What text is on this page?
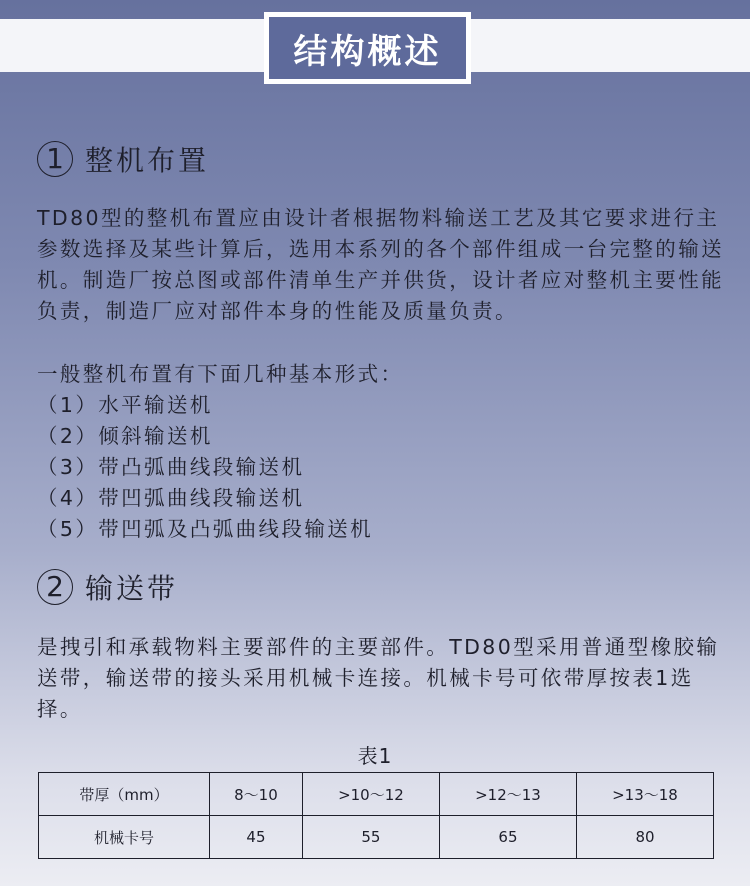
结构概述
1 整机布置

TD80型的整机布置应由设计者根据物料输送工艺及其它要求进行主参数选择及某些计算后，选用本系列的各个部件组成一台完整的输送机。制造厂按总图或部件清单生产并供货，设计者应对整机主要性能负责，制造厂应对部件本身的性能及质量负责。

一般整机布置有下面几种基本形式：

（1）水平输送机
（2）倾斜输送机
（3）带凸弧曲线段输送机
（4）带凹弧曲线段输送机
（5）带凹弧及凸弧曲线段输送机
2 输送带

是拽引和承载物料主要部件的主要部件。TD80型采用普通型橡胶输送带，输送带的接头采用机械卡连接。机械卡号可依带厚按表1选择。

表1
带厚（mm）	8～10	>10～12	>12～13	>13～18
机械卡号	45	55	65	80
